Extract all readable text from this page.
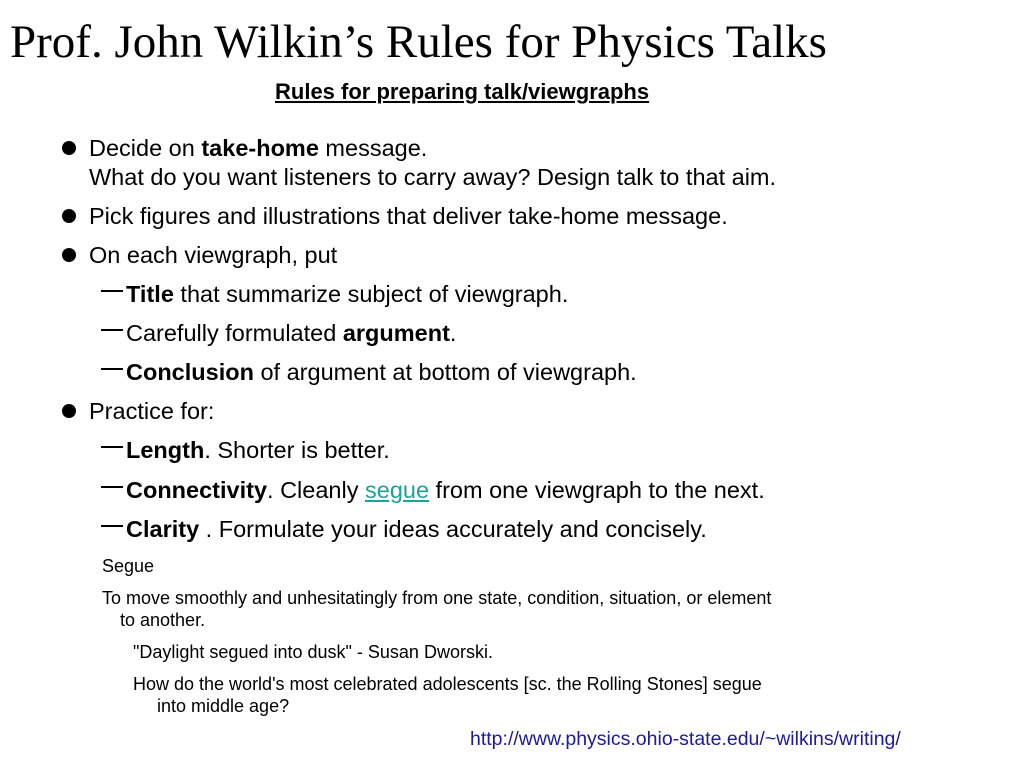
Prof. John Wilkin’s Rules for Physics Talks
Rules for preparing talk/viewgraphs
Decide on take-home message.
What do you want listeners to carry away? Design talk to that aim.
Pick figures and illustrations that deliver take-home message.
On each viewgraph, put
Title that summarize subject of viewgraph.
Carefully formulated argument.
Conclusion of argument at bottom of viewgraph.
Practice for:
Length. Shorter is better.
Connectivity. Cleanly segue from one viewgraph to the next.
Clarity . Formulate your ideas accurately and concisely.
Segue
To move smoothly and unhesitatingly from one state, condition, situation, or element
to another.
"Daylight segued into dusk" - Susan Dworski.
How do the world's most celebrated adolescents [sc. the Rolling Stones] segue
into middle age?
http://www.physics.ohio-state.edu/~wilkins/writing/
